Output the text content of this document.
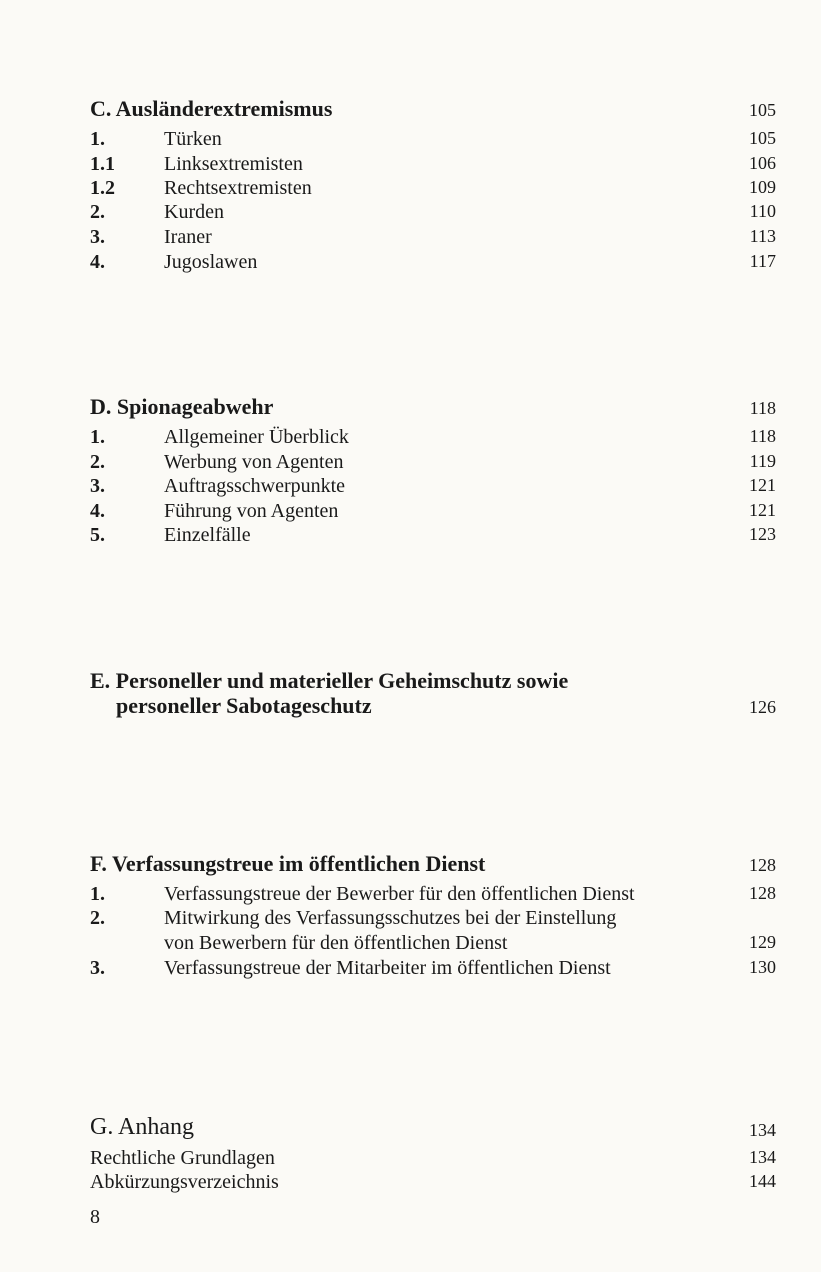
C. Ausländerextremismus	105
1.	Türken	105
1.1 Linksextremisten	106
1.2 Rechtsextremisten	109
2.	Kurden	110
3.	Iraner	113
4.	Jugoslawen	117
D. Spionageabwehr	118
1.	Allgemeiner Überblick	118
2.	Werbung von Agenten	119
3.	Auftragsschwerpunkte	121
4.	Führung von Agenten	121
5.	Einzelfälle	123
E. Personeller und materieller Geheimschutz sowie
personeller Sabotageschutz	126
F. Verfassungstreue im öffentlichen Dienst	128
1.	Verfassungstreue der Bewerber für den öffentlichen Dienst	128
2.	Mitwirkung des Verfassungsschutzes bei der Einstellung
von Bewerbern für den öffentlichen Dienst	129
3.	Verfassungstreue der Mitarbeiter im öffentlichen Dienst	130
G. Anhang	134
Rechtliche Grundlagen	134
Abkürzungsverzeichnis	144
8
